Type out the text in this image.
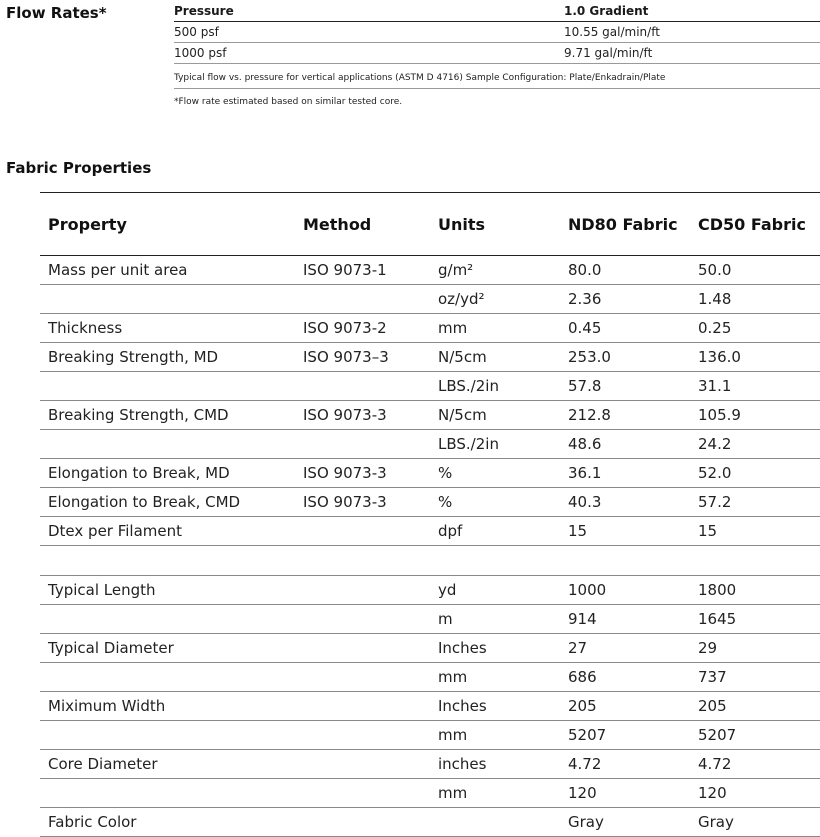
Flow Rates*	Pressure	1.0 Gradient
500 psf	10.55 gal/min/ft
1000 psf	9.71 gal/min/ft
Typical flow vs. pressure for vertical applications (ASTM D 4716) Sample Configuration: Plate/Enkadrain/Plate
*Flow rate estimated based on similar tested core.
Fabric Properties
Property	Method	Units	ND80 Fabric	CD50 Fabric
Mass per unit area	ISO 9073-1	g/m²	80.0	50.0
		oz/yd²	2.36	1.48
Thickness	ISO 9073-2	mm	0.45	0.25
Breaking Strength, MD	ISO 9073–3	N/5cm	253.0	136.0
		LBS./2in	57.8	31.1
Breaking Strength, CMD	ISO 9073-3	N/5cm	212.8	105.9
		LBS./2in	48.6	24.2
Elongation to Break, MD	ISO 9073-3	%	36.1	52.0
Elongation to Break, CMD	ISO 9073-3	%	40.3	57.2
Dtex per Filament		dpf	15	15

Typical Length		yd	1000	1800
		m	914	1645
Typical Diameter		Inches	27	29
		mm	686	737
Miximum Width		Inches	205	205
		mm	5207	5207
Core Diameter		inches	4.72	4.72
		mm	120	120
Fabric Color			Gray	Gray
